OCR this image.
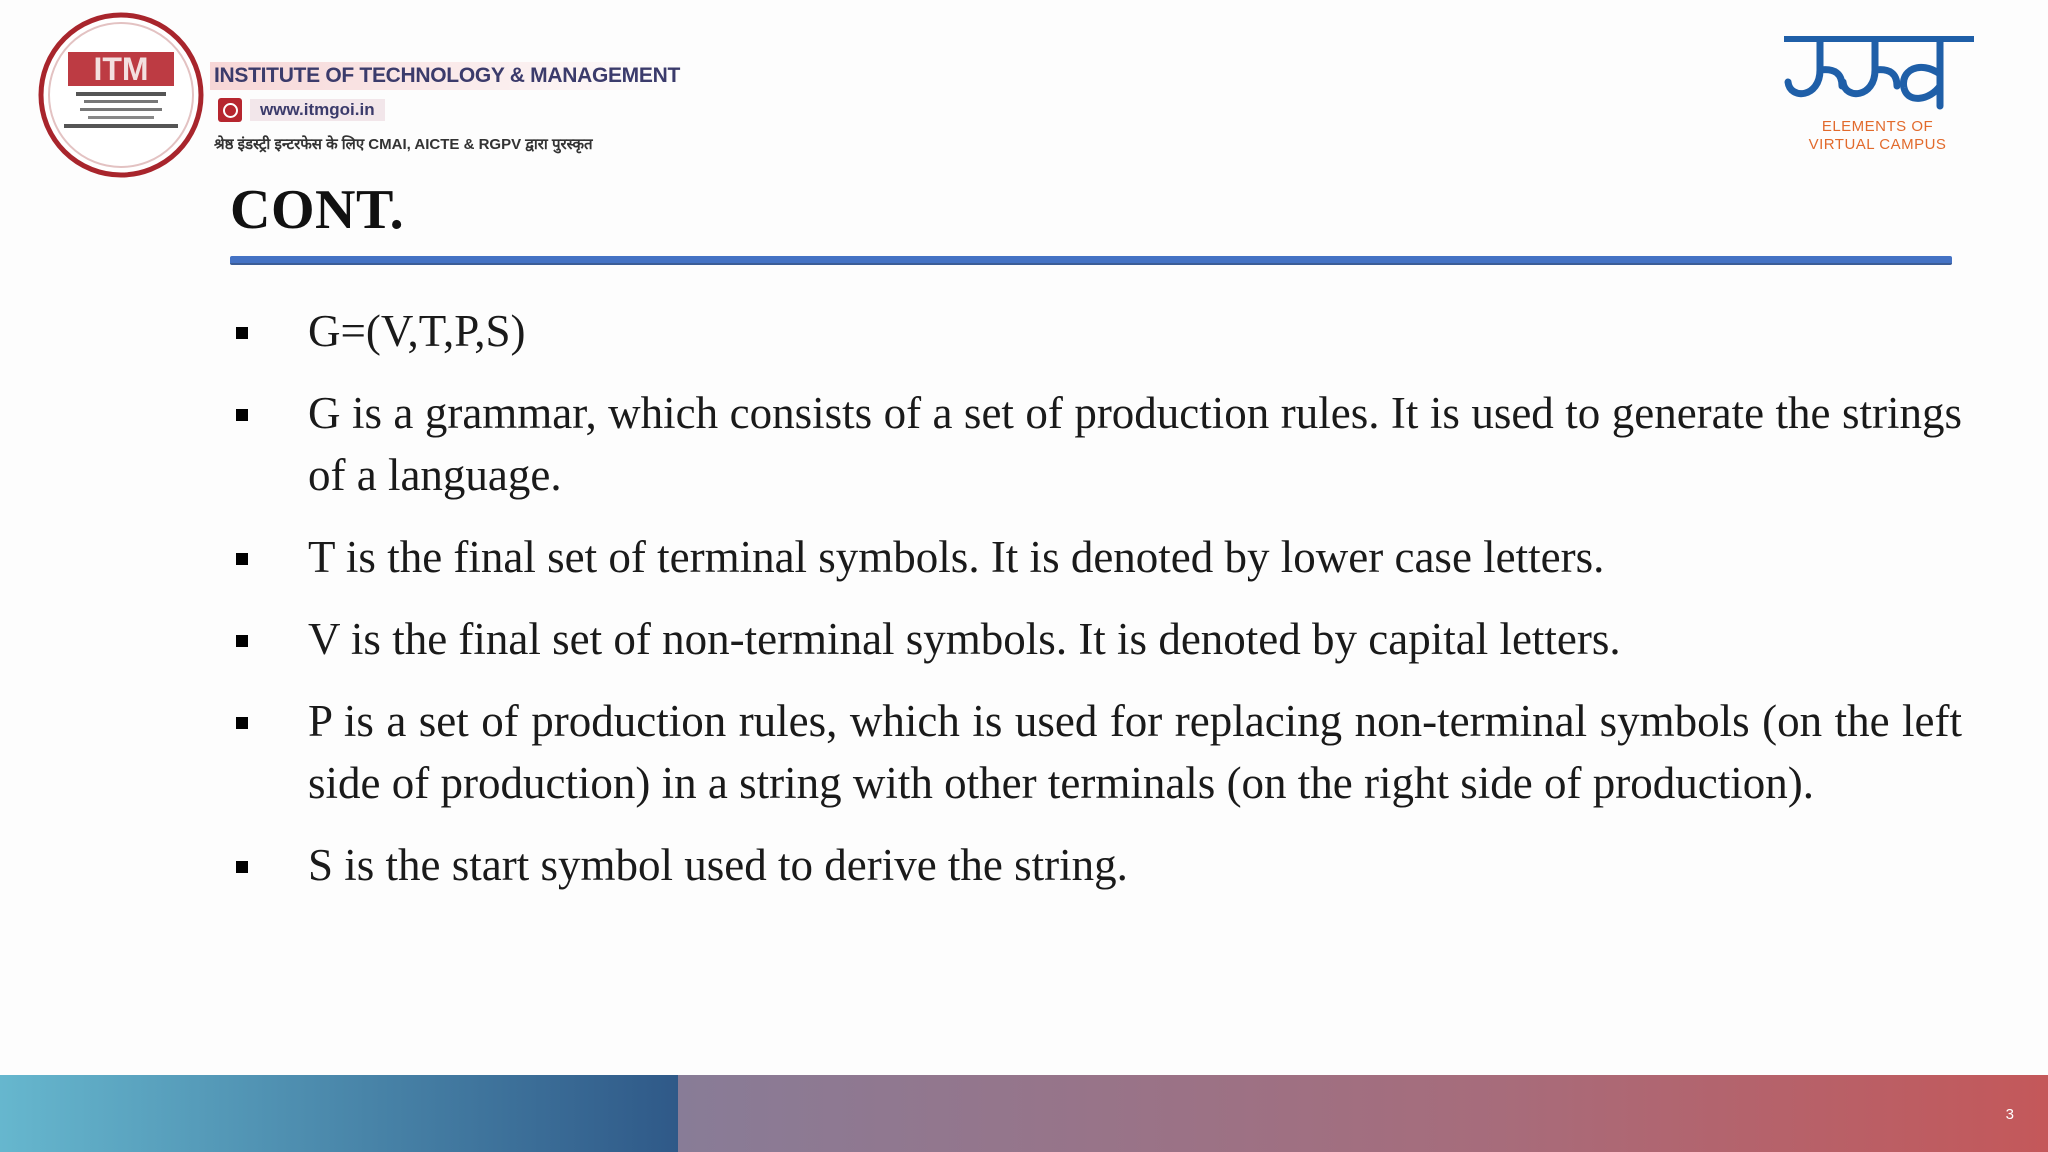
ITM	INSTITUTE OF TECHNOLOGY & MANAGEMENT
www.itmgoi.in
श्रेष्ठ इंडस्ट्री इन्टरफेस के लिए CMAI, AICTE & RGPV द्वारा पुरस्कृत
ELEMENTS OF
VIRTUAL CAMPUS
CONT.
G=(V,T,P,S)
G is a grammar, which consists of a set of production rules. It is used to generate the strings of a language.
T is the final set of terminal symbols. It is denoted by lower case letters.
V is the final set of non-terminal symbols. It is denoted by capital letters.
P is a set of production rules, which is used for replacing non-terminal symbols (on the left side of production) in a string with other terminals (on the right side of production).
S is the start symbol used to derive the string.
3
